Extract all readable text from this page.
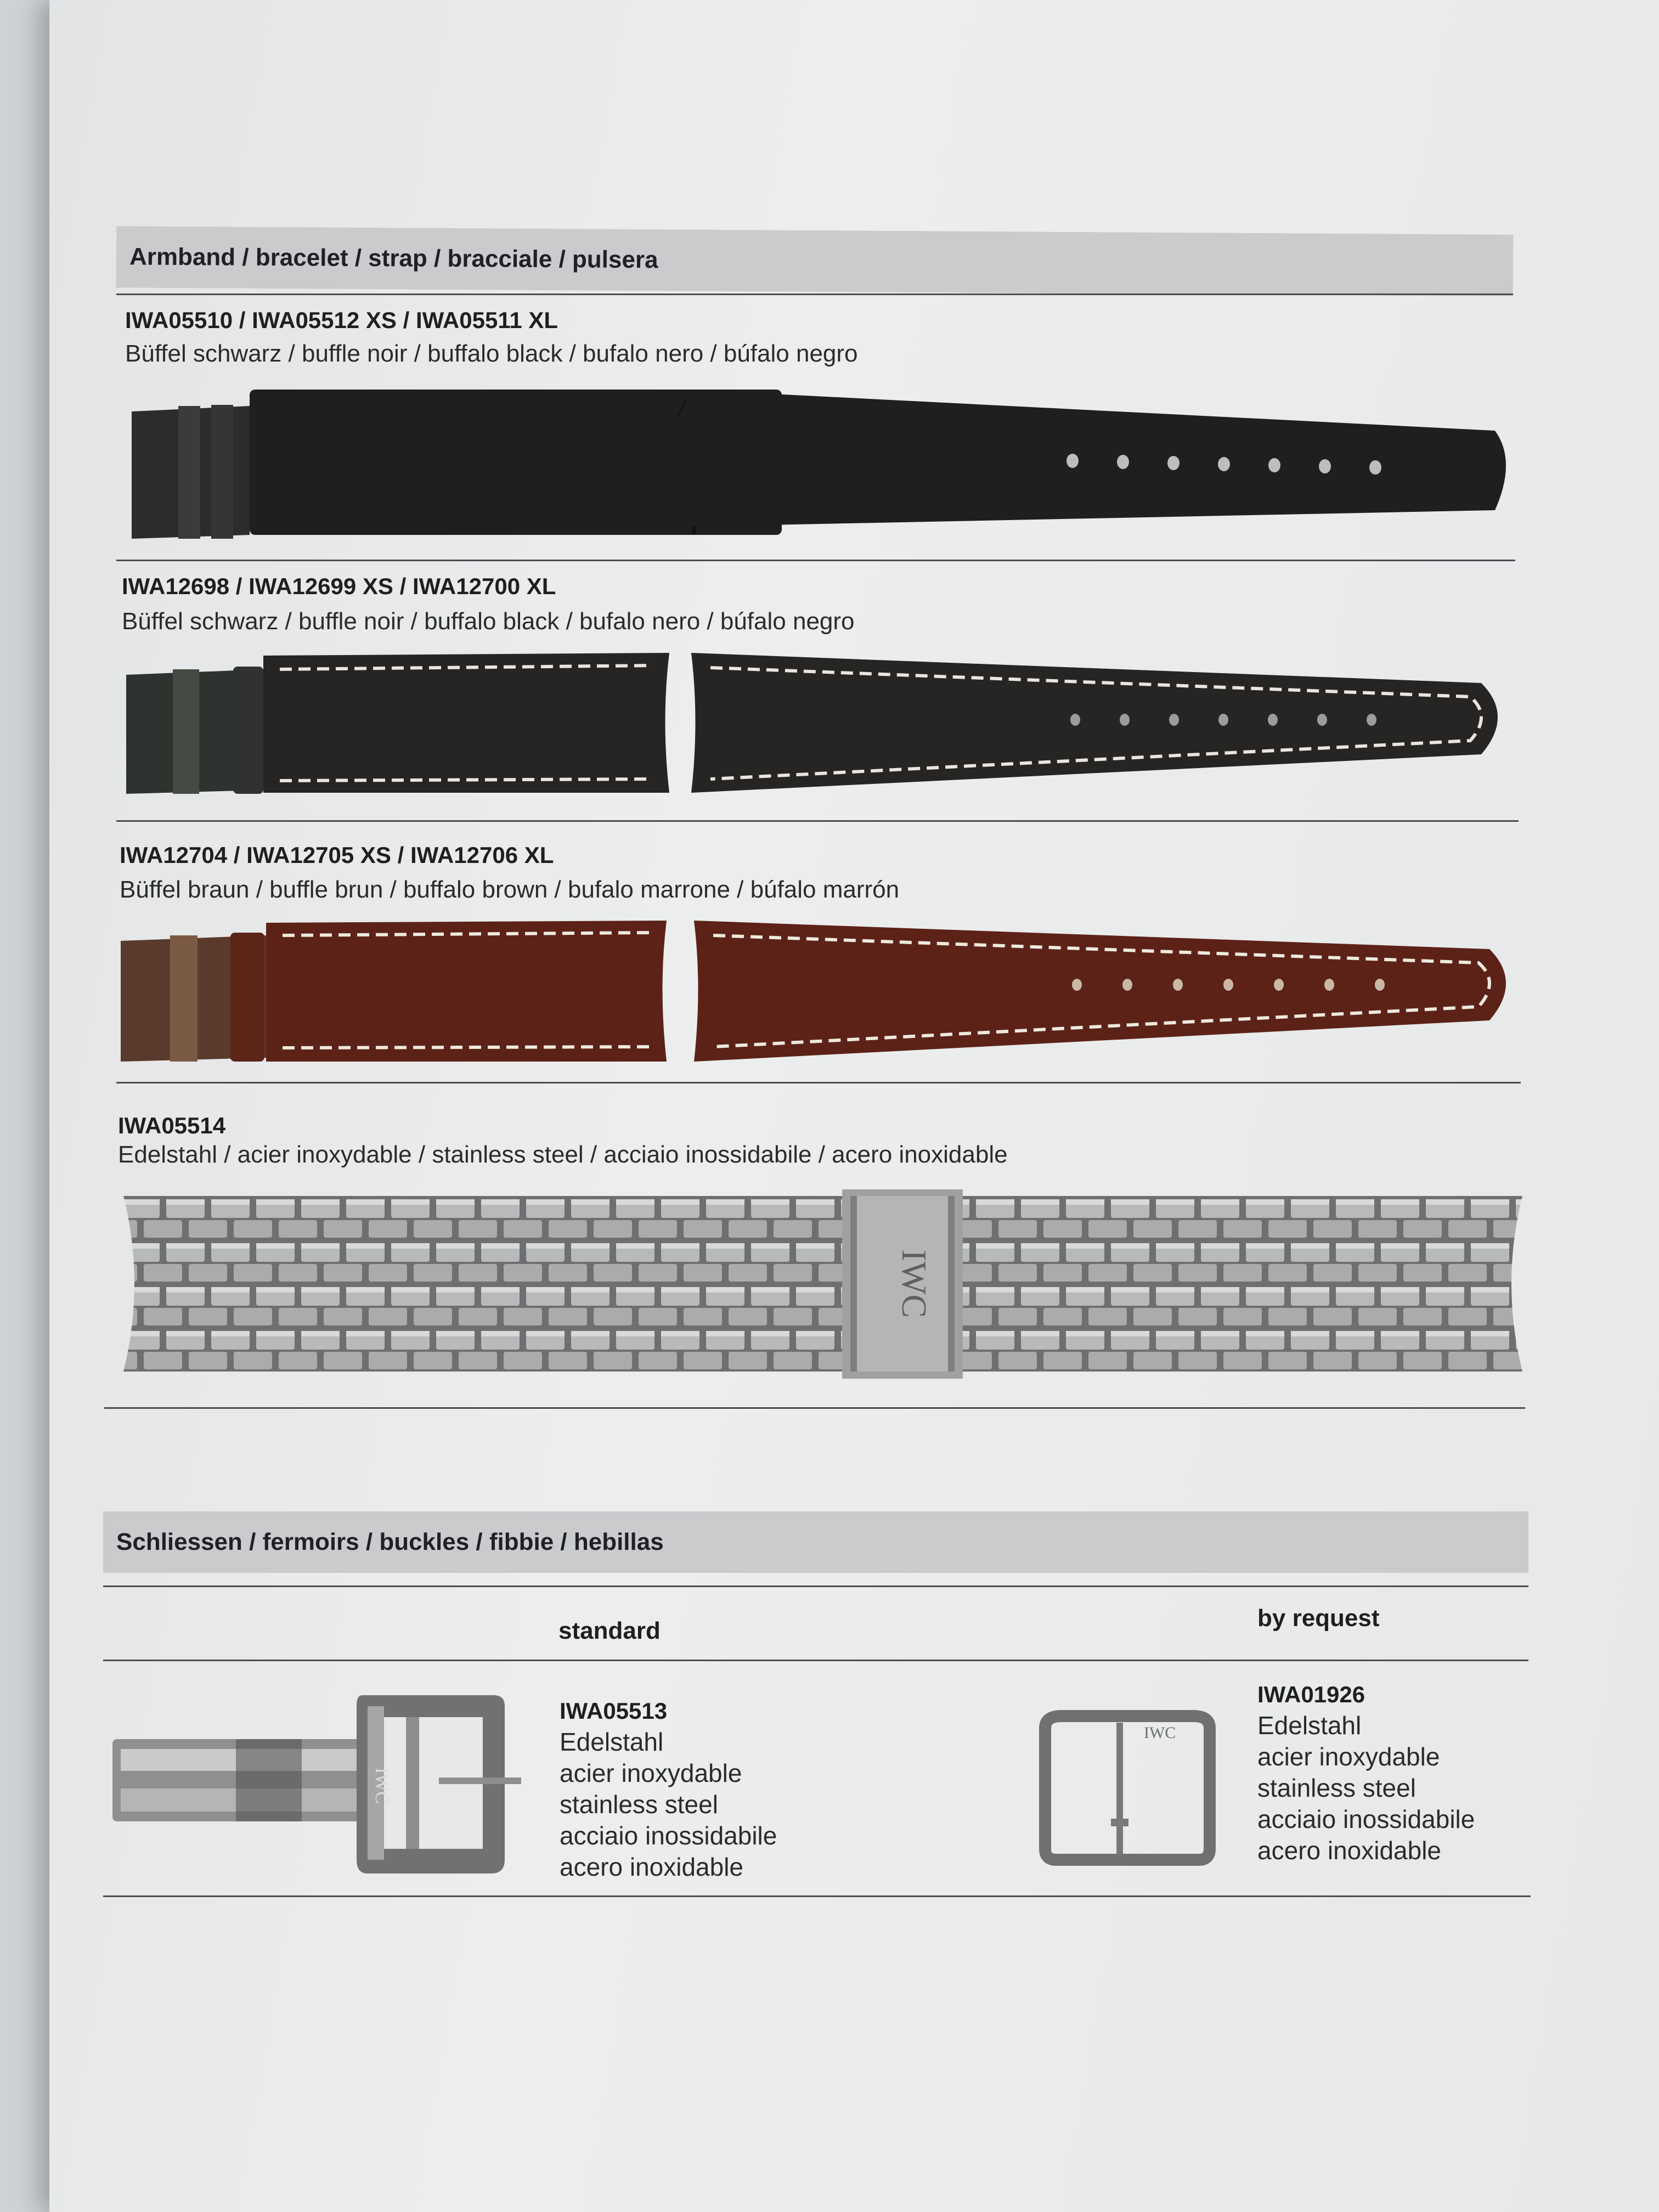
Armband / bracelet / strap / bracciale / pulsera
IWA05510 / IWA05512 XS / IWA05511 XL
Büffel schwarz / buffle noir / buffalo black / bufalo nero / búfalo negro
IWA12698 / IWA12699 XS / IWA12700 XL
Büffel schwarz / buffle noir / buffalo black / bufalo nero / búfalo negro
IWA12704 / IWA12705 XS / IWA12706 XL
Büffel braun / buffle brun / buffalo brown / bufalo marrone / búfalo marrón
IWA05514
Edelstahl / acier inoxydable / stainless steel / acciaio inossidabile / acero inoxidable
IWC
Schliessen / fermoirs / buckles / fibbie / hebillas
standard	by request
IWC
IWA05513
Edelstahl
acier inoxydable
stainless steel
acciaio inossidabile
acero inoxidable
IWC
IWA01926
Edelstahl
acier inoxydable
stainless steel
acciaio inossidabile
acero inoxidable
